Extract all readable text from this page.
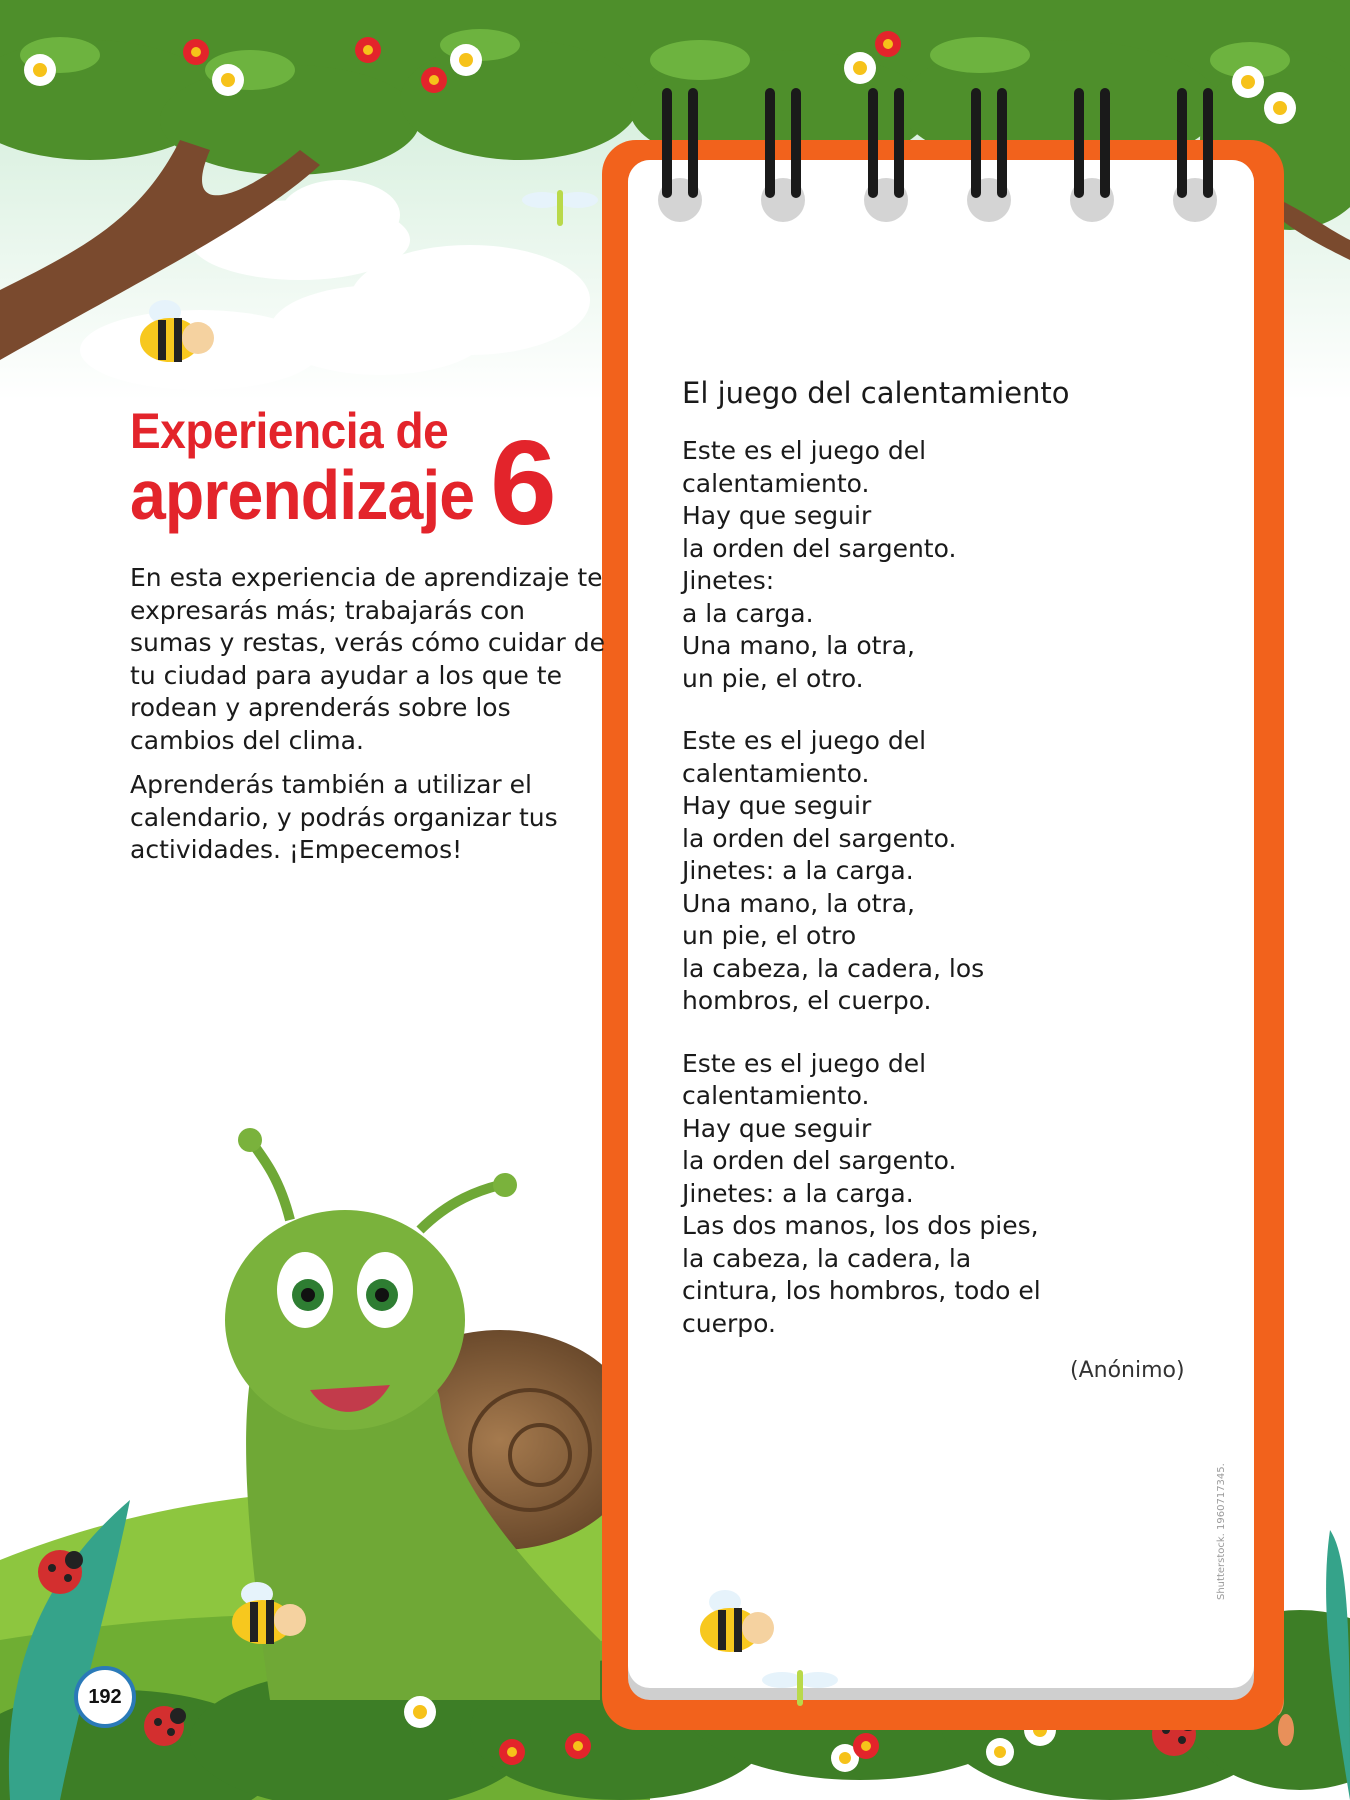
Experiencia de
aprendizaje 6

En esta experiencia de aprendizaje te expresarás más; trabajarás con sumas y restas, verás cómo cuidar de tu ciudad para ayudar a los que te rodean y aprenderás sobre los cambios del clima.

Aprenderás también a utilizar el calendario, y podrás organizar tus actividades. ¡Empecemos!

El juego del calentamiento
Este es el juego del
calentamiento.
Hay que seguir
la orden del sargento.
Jinetes:
a la carga.
Una mano, la otra,
un pie, el otro.
Este es el juego del
calentamiento.
Hay que seguir
la orden del sargento.
Jinetes: a la carga.
Una mano, la otra,
un pie, el otro
la cabeza, la cadera, los
hombros, el cuerpo.
Este es el juego del
calentamiento.
Hay que seguir
la orden del sargento.
Jinetes: a la carga.
Las dos manos, los dos pies,
la cabeza, la cadera, la
cintura, los hombros, todo el
cuerpo.
(Anónimo)
192
Shutterstock. 1960717345.
